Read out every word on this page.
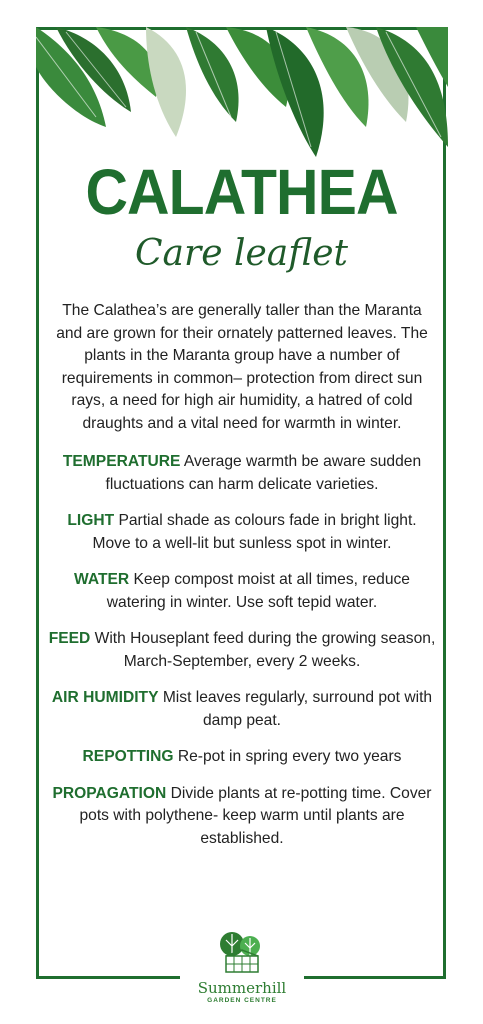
CALATHEA
Care leaflet

The Calathea’s are generally taller than the Maranta and are grown for their ornately patterned leaves. The plants in the Maranta group have a number of requirements in common– protection from direct sun rays, a need for high air humidity, a hatred of cold draughts and a vital need for warmth in winter.

TEMPERATURE Average warmth be aware sudden fluctuations can harm delicate varieties.

LIGHT Partial shade as colours fade in bright light. Move to a well-lit but sunless spot in winter.

WATER Keep compost moist at all times, reduce watering in winter. Use soft tepid water.

FEED With Houseplant feed during the growing season, March-September, every 2 weeks.

AIR HUMIDITY Mist leaves regularly, surround pot with damp peat.

REPOTTING Re-pot in spring every two years

PROPAGATION Divide plants at re-potting time. Cover pots with polythene- keep warm until plants are established.

Summerhill
GARDEN CENTRE
